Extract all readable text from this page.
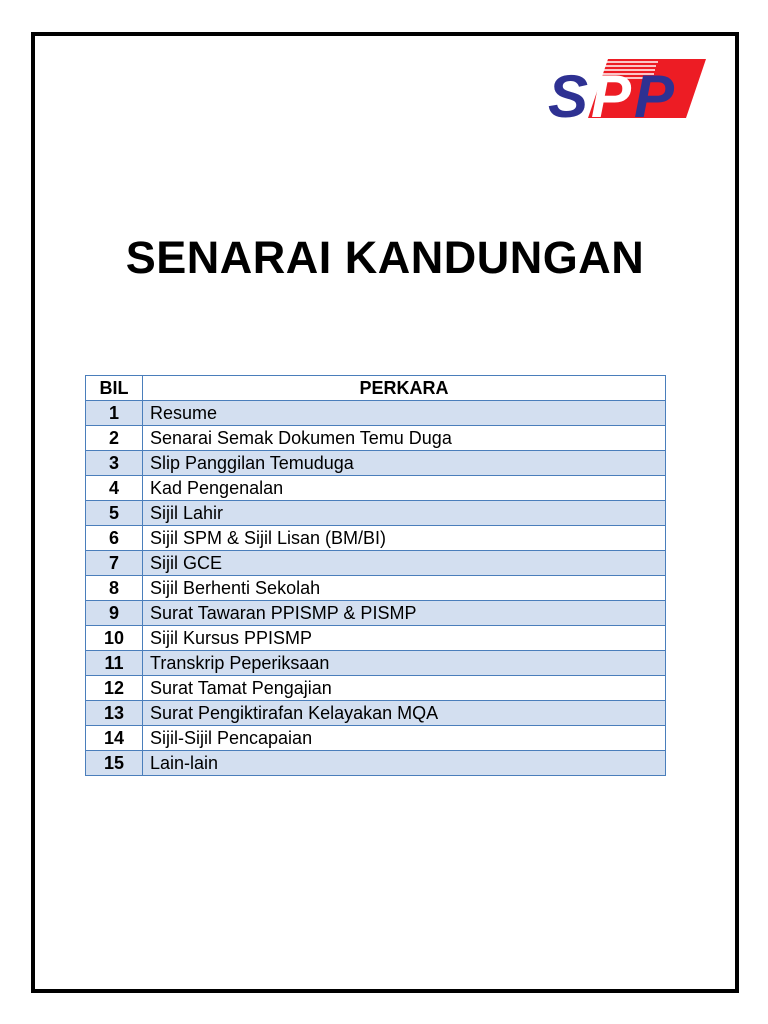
S P P
SENARAI KANDUNGAN
BIL	PERKARA
1	Resume
2	Senarai Semak Dokumen Temu Duga
3	Slip Panggilan Temuduga
4	Kad Pengenalan
5	Sijil Lahir
6	Sijil SPM & Sijil Lisan (BM/BI)
7	Sijil GCE
8	Sijil Berhenti Sekolah
9	Surat Tawaran PPISMP & PISMP
10	Sijil Kursus PPISMP
11	Transkrip Peperiksaan
12	Surat Tamat Pengajian
13	Surat Pengiktirafan Kelayakan MQA
14	Sijil-Sijil Pencapaian
15	Lain-lain
